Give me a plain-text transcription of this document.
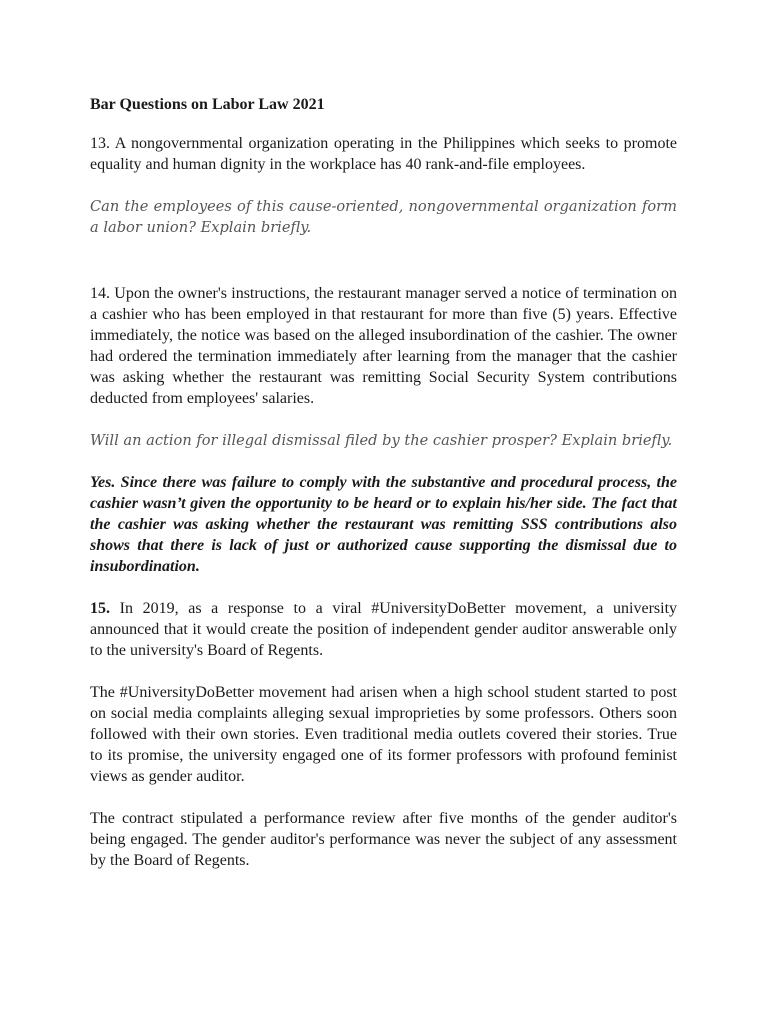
Bar Questions on Labor Law 2021

13. A nongovernmental organization operating in the Philippines which seeks to promote equality and human dignity in the workplace has 40 rank-and-file employees.

Can the employees of this cause-oriented, nongovernmental organization form a labor union? Explain briefly.

14. Upon the owner's instructions, the restaurant manager served a notice of termination on a cashier who has been employed in that restaurant for more than five (5) years. Effective immediately, the notice was based on the alleged insubordination of the cashier. The owner had ordered the termination immediately after learning from the manager that the cashier was asking whether the restaurant was remitting Social Security System contributions deducted from employees' salaries.

Will an action for illegal dismissal filed by the cashier prosper? Explain briefly.

Yes. Since there was failure to comply with the substantive and procedural process, the cashier wasn’t given the opportunity to be heard or to explain his/her side. The fact that the cashier was asking whether the restaurant was remitting SSS contributions also shows that there is lack of just or authorized cause supporting the dismissal due to insubordination.

15. In 2019, as a response to a viral #UniversityDoBetter movement, a university announced that it would create the position of independent gender auditor answerable only to the university's Board of Regents.

The #UniversityDoBetter movement had arisen when a high school student started to post on social media complaints alleging sexual improprieties by some professors. Others soon followed with their own stories. Even traditional media outlets covered their stories. True to its promise, the university engaged one of its former professors with profound feminist views as gender auditor.

The contract stipulated a performance review after five months of the gender auditor's being engaged. The gender auditor's performance was never the subject of any assessment by the Board of Regents.
